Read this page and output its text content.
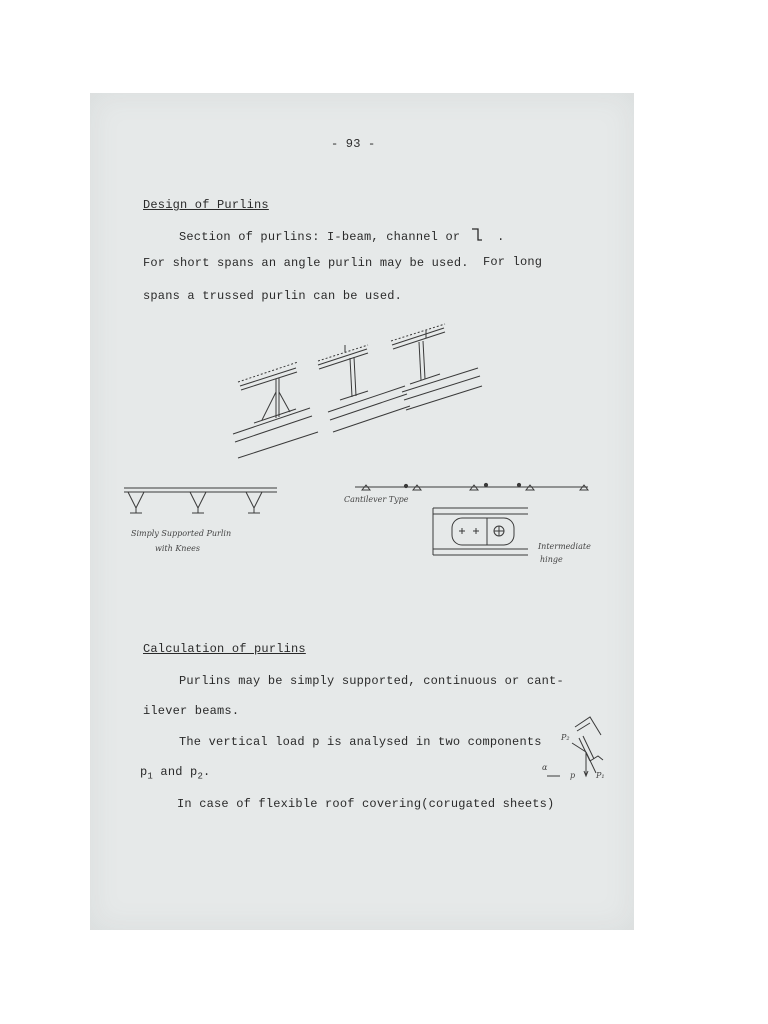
- 93 -
Design of Purlins
Section of purlins: I-beam, channel or	.
For short spans an angle purlin may be used. For long
spans a trussed purlin can be used.
Simply Supported Purlin
with Knees
Cantilever Type
Intermediate
hinge
P₂
p	P₁
α
Calculation of purlins
Purlins may be simply supported, continuous or cant-
ilever beams.
The vertical load p is analysed in two components
$p_1$ and $p_2$.
In case of flexible roof covering(corugated sheets)
